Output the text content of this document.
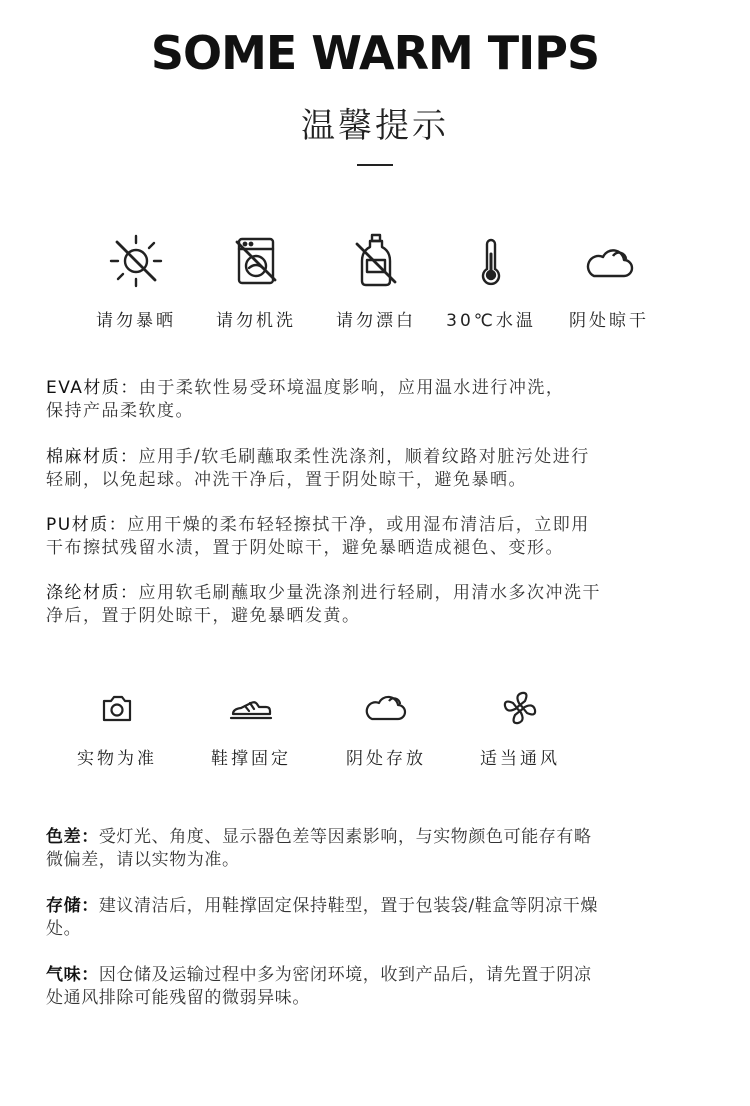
SOME WARM TIPS
温馨提示
请勿暴晒	请勿机洗	请勿漂白	30℃水温	阴处晾干
EVA材质：由于柔软性易受环境温度影响，应用温水进行冲洗，
保持产品柔软度。
棉麻材质：应用手/软毛刷蘸取柔性洗涤剂，顺着纹路对脏污处进行
轻刷，以免起球。冲洗干净后，置于阴处晾干，避免暴晒。
PU材质：应用干燥的柔布轻轻擦拭干净，或用湿布清洁后，立即用
干布擦拭残留水渍，置于阴处晾干，避免暴晒造成褪色、变形。
涤纶材质：应用软毛刷蘸取少量洗涤剂进行轻刷，用清水多次冲洗干
净后，置于阴处晾干，避免暴晒发黄。
实物为准	鞋撑固定	阴处存放	适当通风
色差：受灯光、角度、显示器色差等因素影响，与实物颜色可能存有略
微偏差，请以实物为准。
存储：建议清洁后，用鞋撑固定保持鞋型，置于包装袋/鞋盒等阴凉干燥
处。
气味：因仓储及运输过程中多为密闭环境，收到产品后，请先置于阴凉
处通风排除可能残留的微弱异味。
